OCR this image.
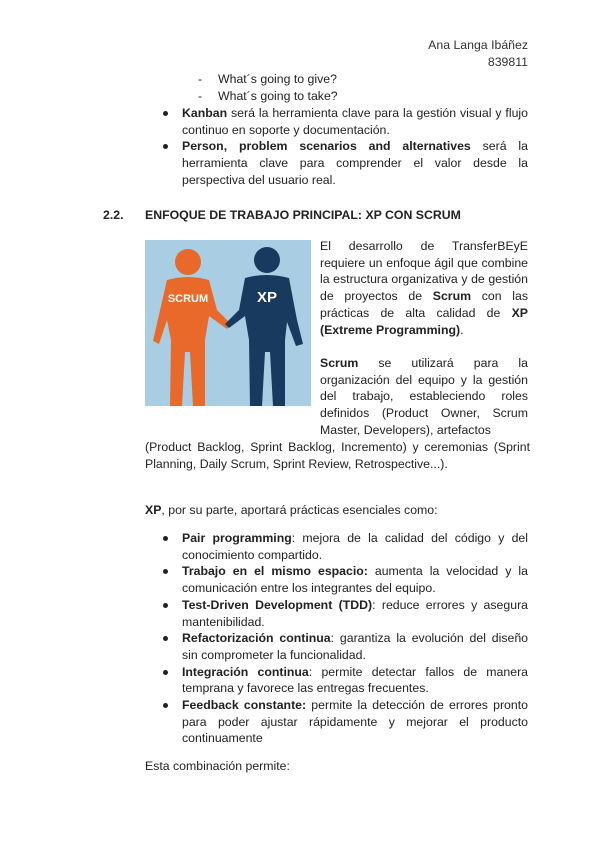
Ana Langa Ibáñez
839811
-	What´s going to give?
-	What´s going to take?
Kanban será la herramienta clave para la gestión visual y flujo continuo en soporte y documentación.
Person, problem scenarios and alternatives será la herramienta clave para comprender el valor desde la perspectiva del usuario real.
2.2.	ENFOQUE DE TRABAJO PRINCIPAL: XP CON SCRUM
SCRUM	XP
El desarrollo de TransferBEyE requiere un enfoque ágil que combine la estructura organizativa y de gestión de proyectos de Scrum con las prácticas de alta calidad de XP (Extreme Programming).
Scrum se utilizará para la organización del equipo y la gestión del trabajo, estableciendo roles definidos (Product Owner, Scrum Master, Developers), artefactos
(Product Backlog, Sprint Backlog, Incremento) y ceremonias (Sprint Planning, Daily Scrum, Sprint Review, Retrospective...).
XP, por su parte, aportará prácticas esenciales como:
Pair programming: mejora de la calidad del código y del conocimiento compartido.
Trabajo en el mismo espacio: aumenta la velocidad y la comunicación entre los integrantes del equipo.
Test-Driven Development (TDD): reduce errores y asegura mantenibilidad.
Refactorización continua: garantiza la evolución del diseño sin comprometer la funcionalidad.
Integración continua: permite detectar fallos de manera temprana y favorece las entregas frecuentes.
Feedback constante: permite la detección de errores pronto para poder ajustar rápidamente y mejorar el producto continuamente
Esta combinación permite:
